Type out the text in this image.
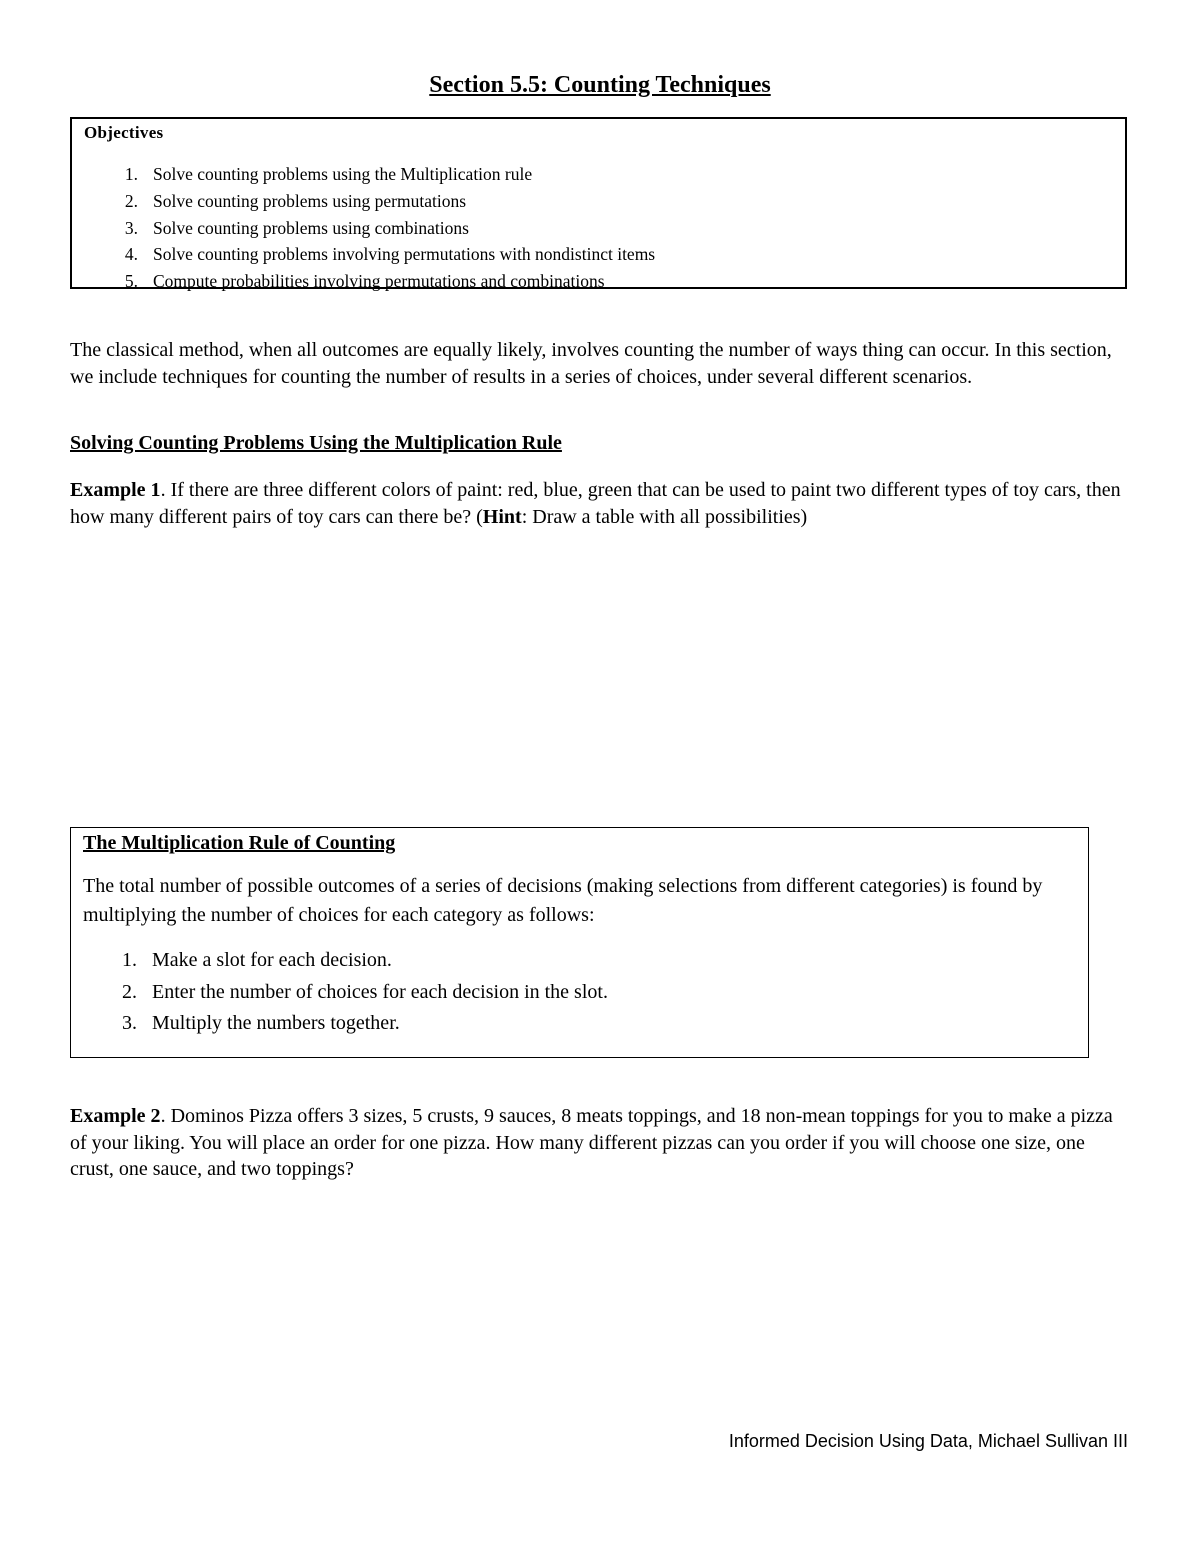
Section 5.5: Counting Techniques

Objectives

1. Solve counting problems using the Multiplication rule
2. Solve counting problems using permutations
3. Solve counting problems using combinations
4. Solve counting problems involving permutations with nondistinct items
5. Compute probabilities involving permutations and combinations

The classical method, when all outcomes are equally likely, involves counting the number of ways thing can occur. In this section, we include techniques for counting the number of results in a series of choices, under several different scenarios.

Solving Counting Problems Using the Multiplication Rule

Example 1. If there are three different colors of paint: red, blue, green that can be used to paint two different types of toy cars, then how many different pairs of toy cars can there be? (Hint: Draw a table with all possibilities)

The Multiplication Rule of Counting

The total number of possible outcomes of a series of decisions (making selections from different categories) is found by multiplying the number of choices for each category as follows:

1. Make a slot for each decision.
2. Enter the number of choices for each decision in the slot.
3. Multiply the numbers together.

Example 2. Dominos Pizza offers 3 sizes, 5 crusts, 9 sauces, 8 meats toppings, and 18 non-mean toppings for you to make a pizza of your liking. You will place an order for one pizza. How many different pizzas can you order if you will choose one size, one crust, one sauce, and two toppings?

Informed Decision Using Data, Michael Sullivan III
